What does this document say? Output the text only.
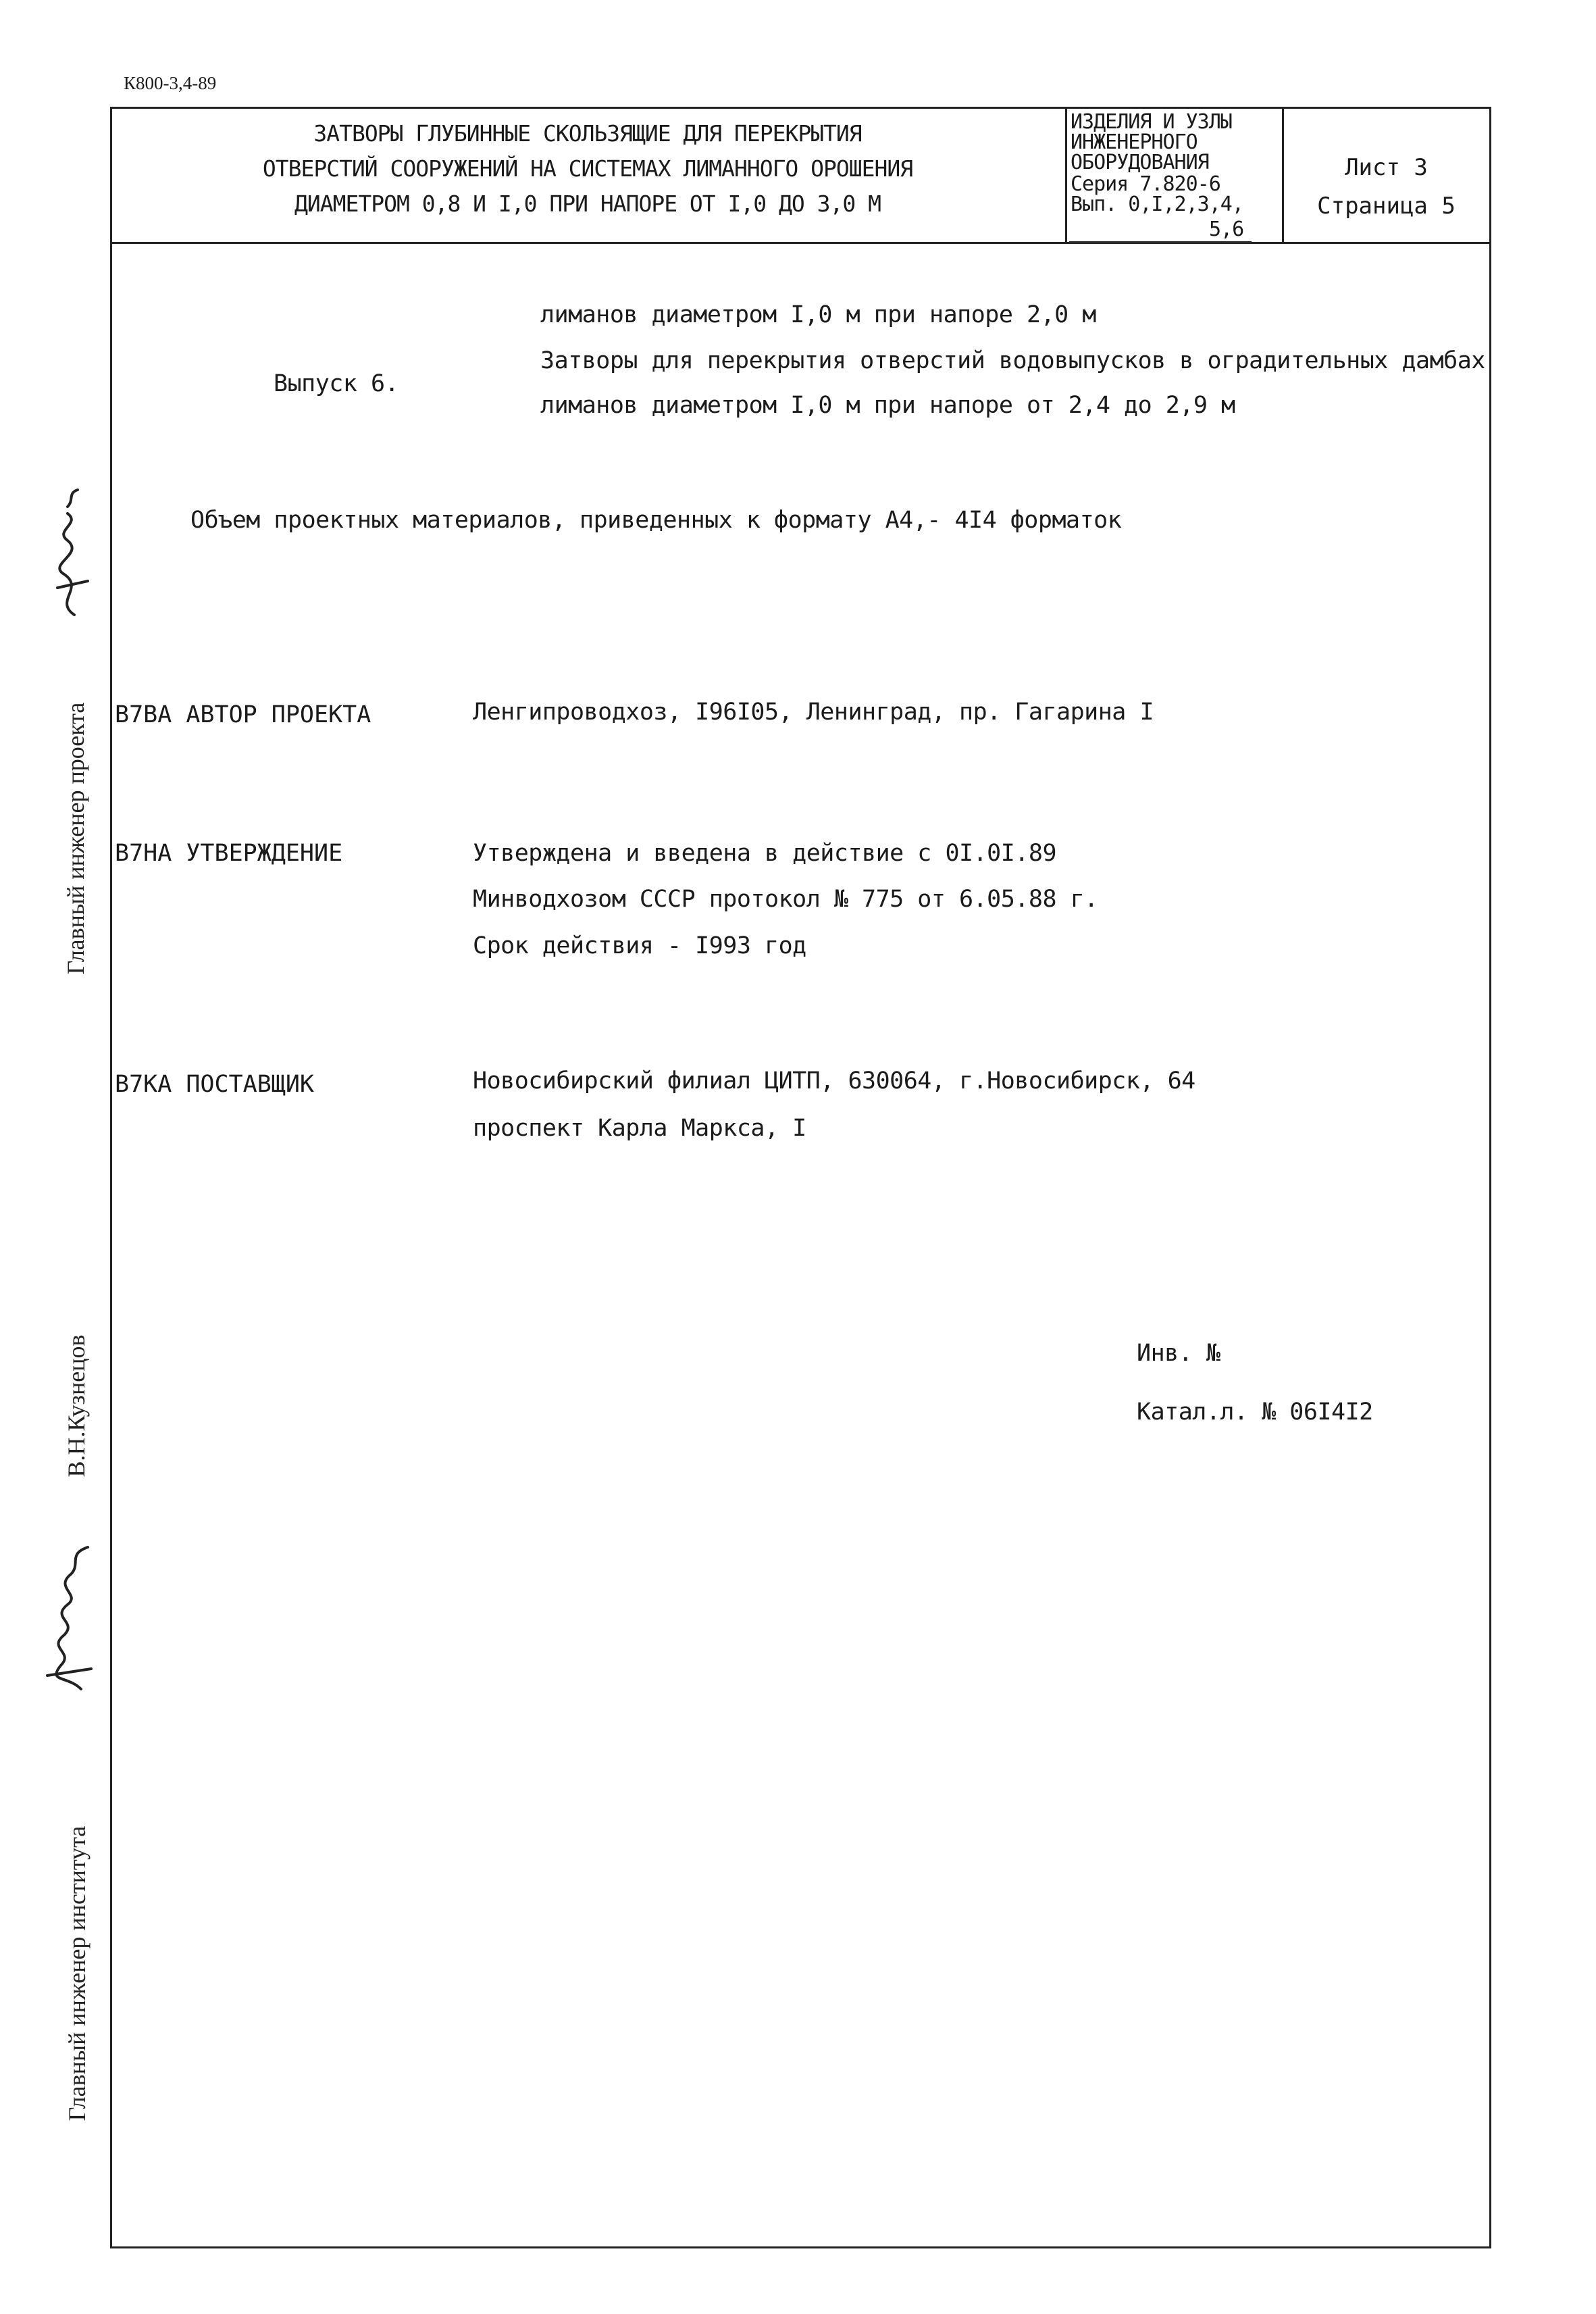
К800-3,4-89
ЗАТВОРЫ ГЛУБИННЫЕ СКОЛЬЗЯЩИЕ ДЛЯ ПЕРЕКРЫТИЯ
ОТВЕРСТИЙ СООРУЖЕНИЙ НА СИСТЕМАХ ЛИМАННОГО ОРОШЕНИЯ
ДИАМЕТРОМ 0,8 И I,0 ПРИ НАПОРЕ ОТ I,0 ДО 3,0 М
ИЗДЕЛИЯ И УЗЛЫ
ИНЖЕНЕРНОГО
ОБОРУДОВАНИЯ
Серия 7.820-6
Вып. 0,I,2,3,4,
5,6
Лист 3
Страница 5
Выпуск 6.
лиманов диаметром I,0 м при напоре 2,0 м
Затворы для перекрытия отверстий водовыпусков в оградительных дамбах
лиманов диаметром I,0 м при напоре от 2,4 до 2,9 м
Объем проектных материалов, приведенных к формату А4,- 4I4 форматок
В7ВА АВТОР ПРОЕКТА	Ленгипроводхоз, I96I05, Ленинград, пр. Гагарина I
В7НА УТВЕРЖДЕНИЕ	Утверждена и введена в действие с 0I.0I.89
Минводхозом СССР протокол № 775 от 6.05.88 г.
Срок действия - I993 год
В7КА ПОСТАВЩИК	Новосибирский филиал ЦИТП, 630064, г.Новосибирск, 64
проспект Карла Маркса, I
Инв. №
Катал.л. № 06I4I2
Главный инженер проекта
В.Н.Кузнецов
Главный инженер института
